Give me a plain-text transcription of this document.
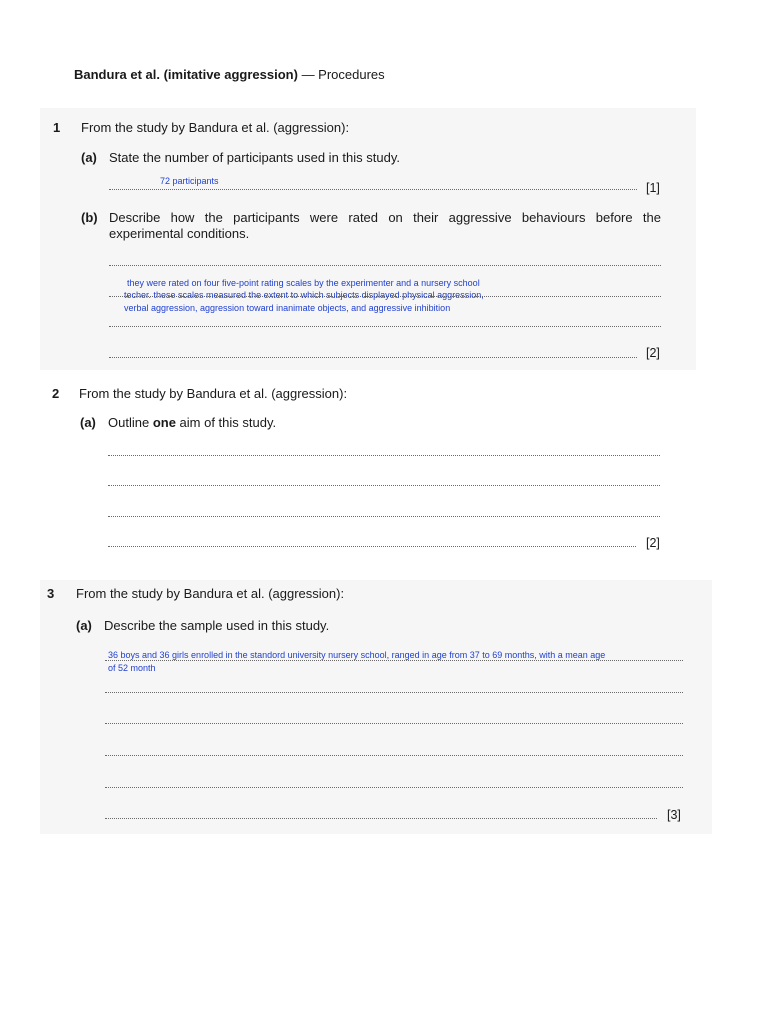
Bandura et al. (imitative aggression) — Procedures
1 From the study by Bandura et al. (aggression):
(a) State the number of participants used in this study.
72 participants	[1]
(b) Describe how the participants were rated on their aggressive behaviours before the experimental conditions.
they were rated on four five-point rating scales by the experimenter and a nursery school
techer. these scales measured the extent to which subjects displayed physical aggression,
verbal aggression, aggression toward inanimate objects, and aggressive inhibition
[2]
2 From the study by Bandura et al. (aggression):
(a) Outline one aim of this study.
[2]
3 From the study by Bandura et al. (aggression):
(a) Describe the sample used in this study.
36 boys and 36 girls enrolled in the standord university nursery school, ranged in age from 37 to 69 months, with a mean age
of 52 month
[3]
